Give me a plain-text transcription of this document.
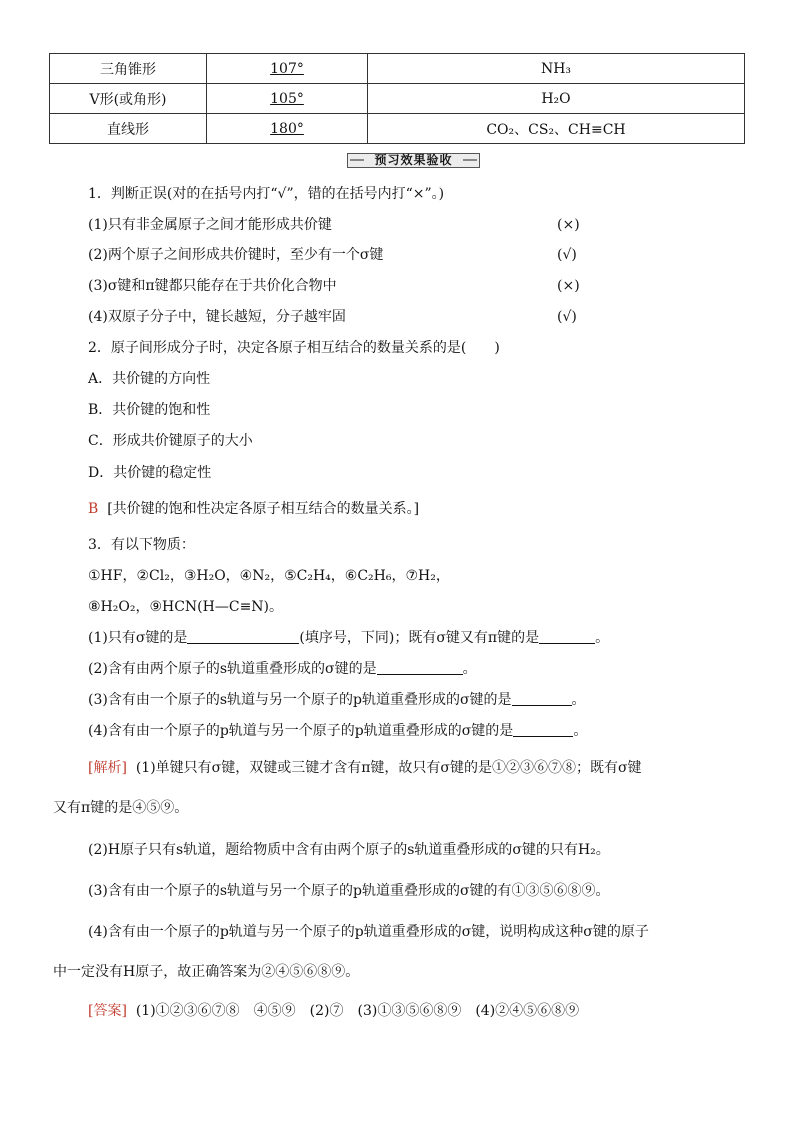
三角锥形	107°	NH₃
V形(或角形)	105°	H₂O
直线形	180°	CO₂、CS₂、CH≡CH
预习效果验收
1．判断正误(对的在括号内打“√”，错的在括号内打“×”。)
(1)只有非金属原子之间才能形成共价键	(×)
(2)两个原子之间形成共价键时，至少有一个σ键	(√)
(3)σ键和π键都只能存在于共价化合物中	(×)
(4)双原子分子中，键长越短，分子越牢固	(√)
2．原子间形成分子时，决定各原子相互结合的数量关系的是(　　)
A．共价键的方向性
B．共价键的饱和性
C．形成共价键原子的大小
D．共价键的稳定性
B [共价键的饱和性决定各原子相互结合的数量关系。]
3．有以下物质：
①HF，②Cl₂，③H₂O，④N₂，⑤C₂H₄，⑥C₂H₆，⑦H₂，
⑧H₂O₂，⑨HCN(H—C≡N)。
(1)只有σ键的是	(填序号，下同)；既有σ键又有π键的是	。
(2)含有由两个原子的s轨道重叠形成的σ键的是	。
(3)含有由一个原子的s轨道与另一个原子的p轨道重叠形成的σ键的是	。
(4)含有由一个原子的p轨道与另一个原子的p轨道重叠形成的σ键的是	。
[解析] (1)单键只有σ键，双键或三键才含有π键，故只有σ键的是①②③⑥⑦⑧；既有σ键
又有π键的是④⑤⑨。
(2)H原子只有s轨道，题给物质中含有由两个原子的s轨道重叠形成的σ键的只有H₂。
(3)含有由一个原子的s轨道与另一个原子的p轨道重叠形成的σ键的有①③⑤⑥⑧⑨。
(4)含有由一个原子的p轨道与另一个原子的p轨道重叠形成的σ键，说明构成这种σ键的原子
中一定没有H原子，故正确答案为②④⑤⑥⑧⑨。
[答案] (1)①②③⑥⑦⑧　④⑤⑨　(2)⑦　(3)①③⑤⑥⑧⑨　(4)②④⑤⑥⑧⑨
